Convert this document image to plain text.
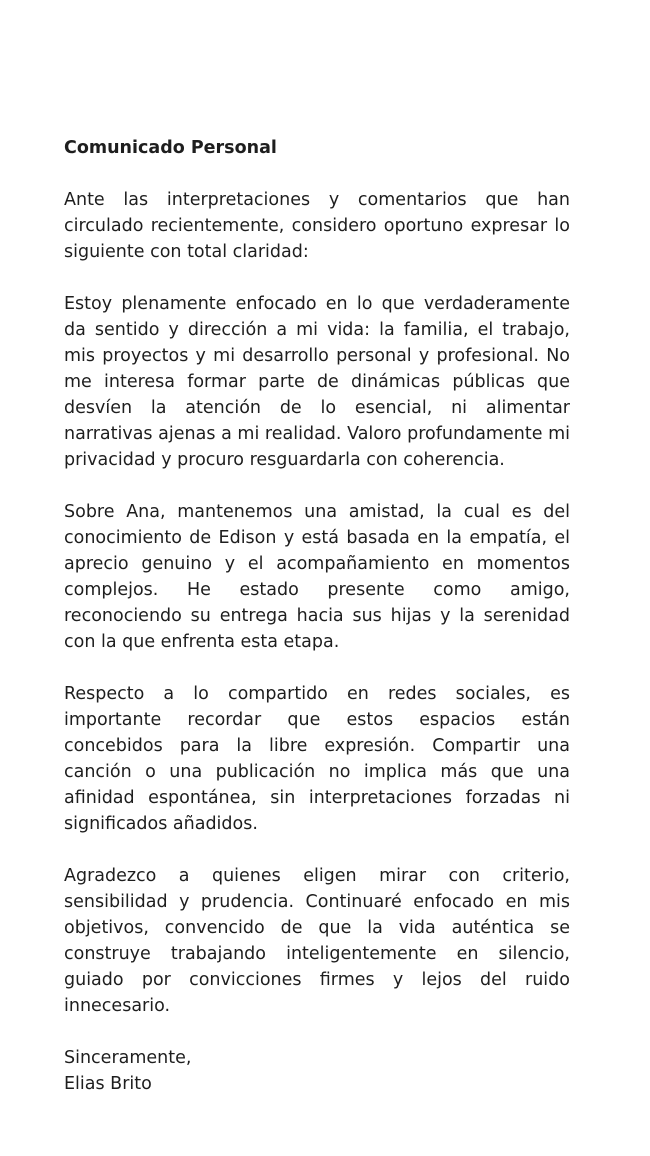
Comunicado Personal

Ante las interpretaciones y comentarios que han circulado recientemente, considero oportuno expresar lo siguiente con total claridad:

Estoy plenamente enfocado en lo que verdaderamente da sentido y dirección a mi vida: la familia, el trabajo, mis proyectos y mi desarrollo personal y profesional. No me interesa formar parte de dinámicas públicas que desvíen la atención de lo esencial, ni alimentar narrativas ajenas a mi realidad. Valoro profundamente mi privacidad y procuro resguardarla con coherencia.

Sobre Ana, mantenemos una amistad, la cual es del conocimiento de Edison y está basada en la empatía, el aprecio genuino y el acompañamiento en momentos complejos. He estado presente como amigo, reconociendo su entrega hacia sus hijas y la serenidad con la que enfrenta esta etapa.

Respecto a lo compartido en redes sociales, es importante recordar que estos espacios están concebidos para la libre expresión. Compartir una canción o una publicación no implica más que una afinidad espontánea, sin interpretaciones forzadas ni significados añadidos.

Agradezco a quienes eligen mirar con criterio, sensibilidad y prudencia. Continuaré enfocado en mis objetivos, convencido de que la vida auténtica se construye trabajando inteligentemente en silencio, guiado por convicciones firmes y lejos del ruido innecesario.

Sinceramente,
Elias Brito
